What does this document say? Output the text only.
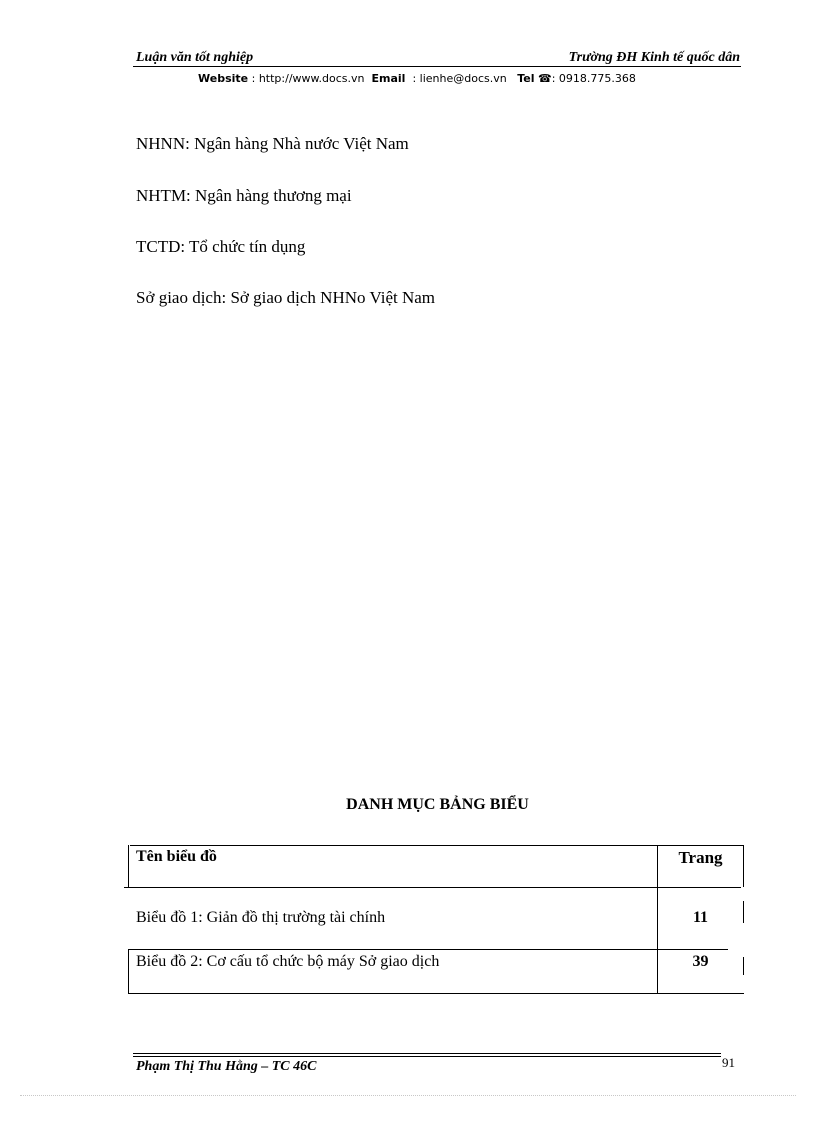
Luận văn tốt nghiệp	Trường ĐH Kinh tế quốc dân
Website : http://www.docs.vn Email : lienhe@docs.vn Tel ☎: 0918.775.368
NHNN: Ngân hàng Nhà nước Việt Nam
NHTM: Ngân hàng thương mại
TCTD: Tổ chức tín dụng
Sở giao dịch: Sở giao dịch NHNo Việt Nam
DANH MỤC BẢNG BIỂU
Tên biểu đồ	Trang
Biểu đồ 1: Giản đồ thị trường tài chính	11
Biểu đồ 2: Cơ cấu tổ chức bộ máy Sở giao dịch	39
Phạm Thị Thu Hằng – TC 46C	91
